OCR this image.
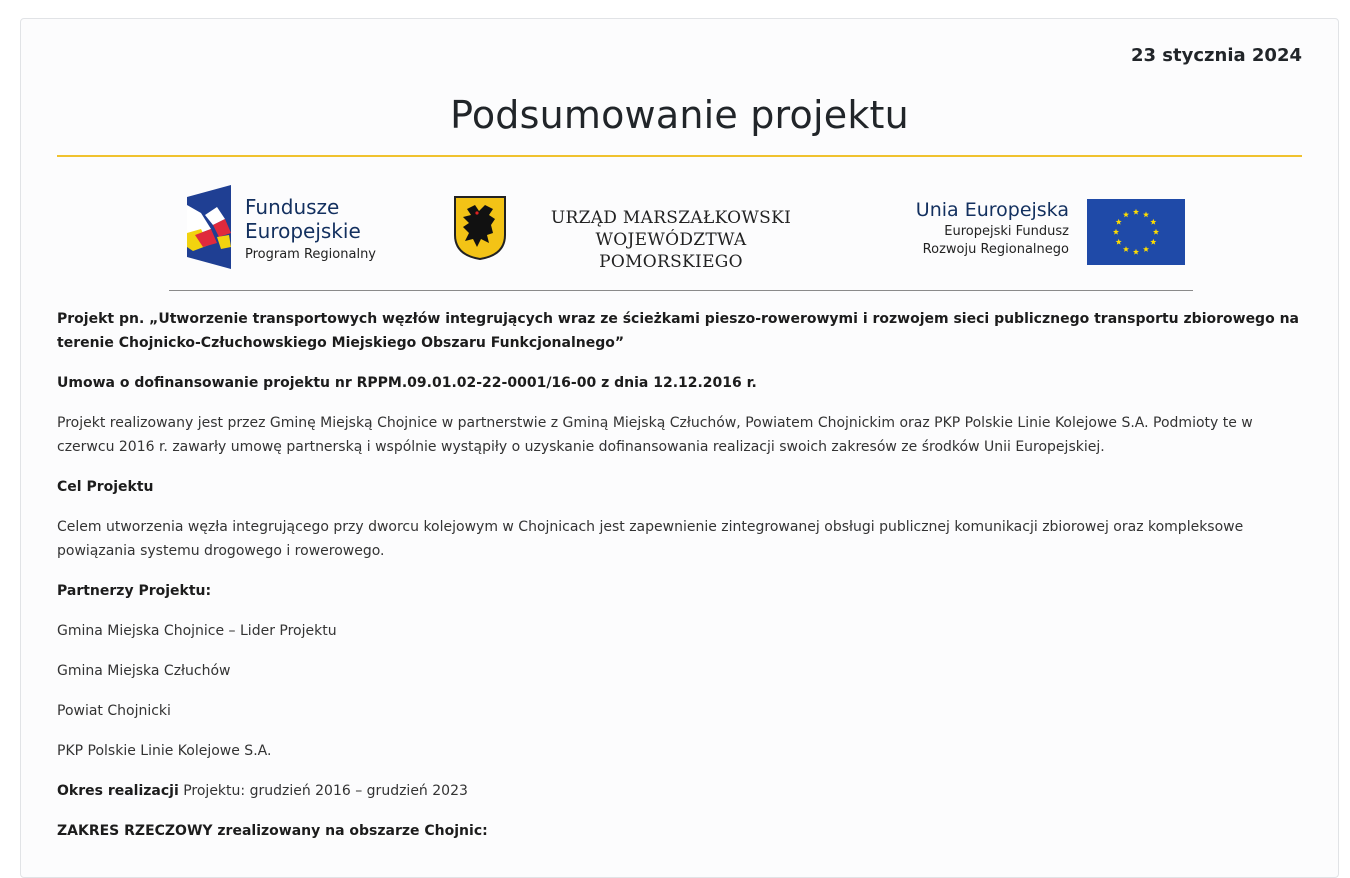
23 stycznia 2024
Podsumowanie projektu
Fundusze
Europejskie
Program Regionalny
URZĄD MARSZAŁKOWSKI
WOJEWÓDZTWA POMORSKIEGO
Unia Europejska
Europejski Fundusz
Rozwoju Regionalnego

Projekt pn. „Utworzenie transportowych węzłów integrujących wraz ze ścieżkami pieszo-rowerowymi i rozwojem sieci publicznego transportu zbiorowego na terenie Chojnicko-Człuchowskiego Miejskiego Obszaru Funkcjonalnego”

Umowa o dofinansowanie projektu nr RPPM.09.01.02-22-0001/16-00 z dnia 12.12.2016 r.

Projekt realizowany jest przez Gminę Miejską Chojnice w partnerstwie z Gminą Miejską Człuchów, Powiatem Chojnickim oraz PKP Polskie Linie Kolejowe S.A. Podmioty te w czerwcu 2016 r. zawarły umowę partnerską i wspólnie wystąpiły o uzyskanie dofinansowania realizacji swoich zakresów ze środków Unii Europejskiej.

Cel Projektu

Celem utworzenia węzła integrującego przy dworcu kolejowym w Chojnicach jest zapewnienie zintegrowanej obsługi publicznej komunikacji zbiorowej oraz kompleksowe powiązania systemu drogowego i rowerowego.

Partnerzy Projektu:

Gmina Miejska Chojnice – Lider Projektu

Gmina Miejska Człuchów

Powiat Chojnicki

PKP Polskie Linie Kolejowe S.A.

Okres realizacji Projektu: grudzień 2016 – grudzień 2023

ZAKRES RZECZOWY zrealizowany na obszarze Chojnic:
